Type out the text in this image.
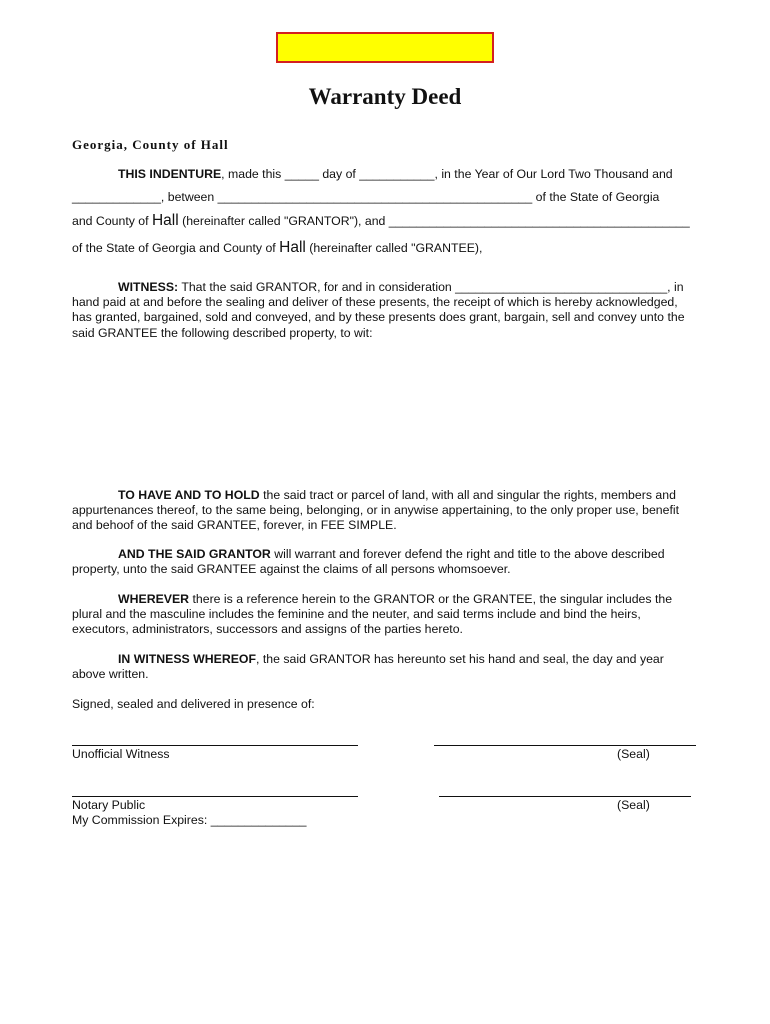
Warranty Deed
Georgia, County of Hall
THIS INDENTURE, made this _____ day of ___________, in the Year of Our Lord Two Thousand and
_____________, between ______________________________________________ of the State of Georgia
and County of Hall (hereinafter called "GRANTOR"), and ____________________________________________
of the State of Georgia and County of Hall (hereinafter called "GRANTEE),
WITNESS: That the said GRANTOR, for and in consideration _______________________________, in hand paid at and before the sealing and deliver of these presents, the receipt of which is hereby acknowledged, has granted, bargained, sold and conveyed, and by these presents does grant, bargain, sell and convey unto the said GRANTEE the following described property, to wit:
TO HAVE AND TO HOLD the said tract or parcel of land, with all and singular the rights, members and appurtenances thereof, to the same being, belonging, or in anywise appertaining, to the only proper use, benefit and behoof of the said GRANTEE, forever, in FEE SIMPLE.
AND THE SAID GRANTOR will warrant and forever defend the right and title to the above described property, unto the said GRANTEE against the claims of all persons whomsoever.
WHEREVER there is a reference herein to the GRANTOR or the GRANTEE, the singular includes the plural and the masculine includes the feminine and the neuter, and said terms include and bind the heirs, executors, administrators, successors and assigns of the parties hereto.
IN WITNESS WHEREOF, the said GRANTOR has hereunto set his hand and seal, the day and year above written.
Signed, sealed and delivered in presence of:
Unofficial Witness	(Seal)
Notary Public	(Seal)
My Commission Expires: ______________
